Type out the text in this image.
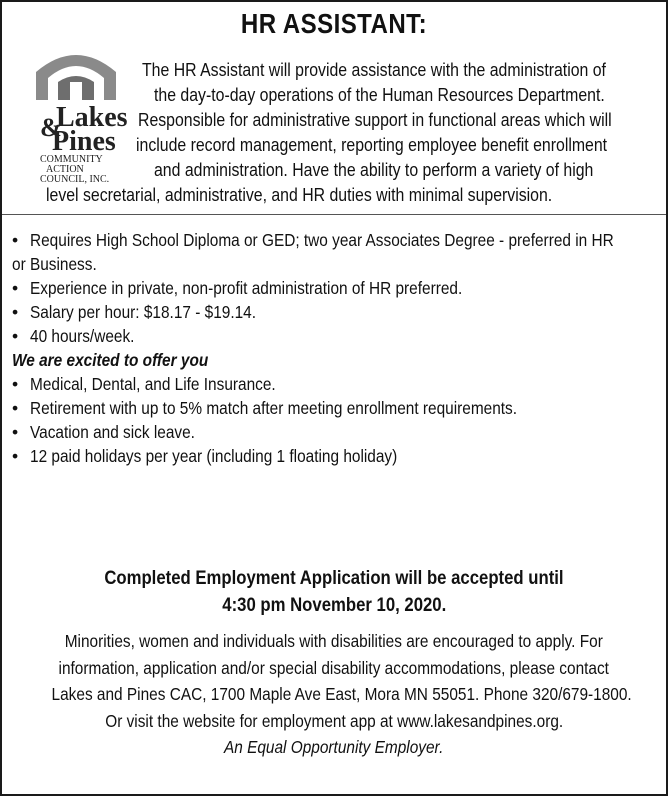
HR ASSISTANT:
&
Lakes
Pines
COMMUNITY
ACTION
COUNCIL, INC.
The HR Assistant will provide assistance with the administration of
the day-to-day operations of the Human Resources Department.
Responsible for administrative support in functional areas which will
include record management, reporting employee benefit enrollment
and administration. Have the ability to perform a variety of high
level secretarial, administrative, and HR duties with minimal supervision.
• Requires High School Diploma or GED; two year Associates Degree - preferred in HR
or Business.
• Experience in private, non-profit administration of HR preferred.
• Salary per hour: $18.17 - $19.14.
• 40 hours/week.
We are excited to offer you
• Medical, Dental, and Life Insurance.
•Retirement with up to 5% match after meeting enrollment requirements.
• Vacation and sick leave.
• 12 paid holidays per year (including 1 floating holiday)
Completed Employment Application will be accepted until
4:30 pm November 10, 2020.
Minorities, women and individuals with disabilities are encouraged to apply. For
information, application and/or special disability accommodations, please contact
Lakes and Pines CAC, 1700 Maple Ave East, Mora MN 55051. Phone 320/679-1800.
Or visit the website for employment app at www.lakesandpines.org.
An Equal Opportunity Employer.
